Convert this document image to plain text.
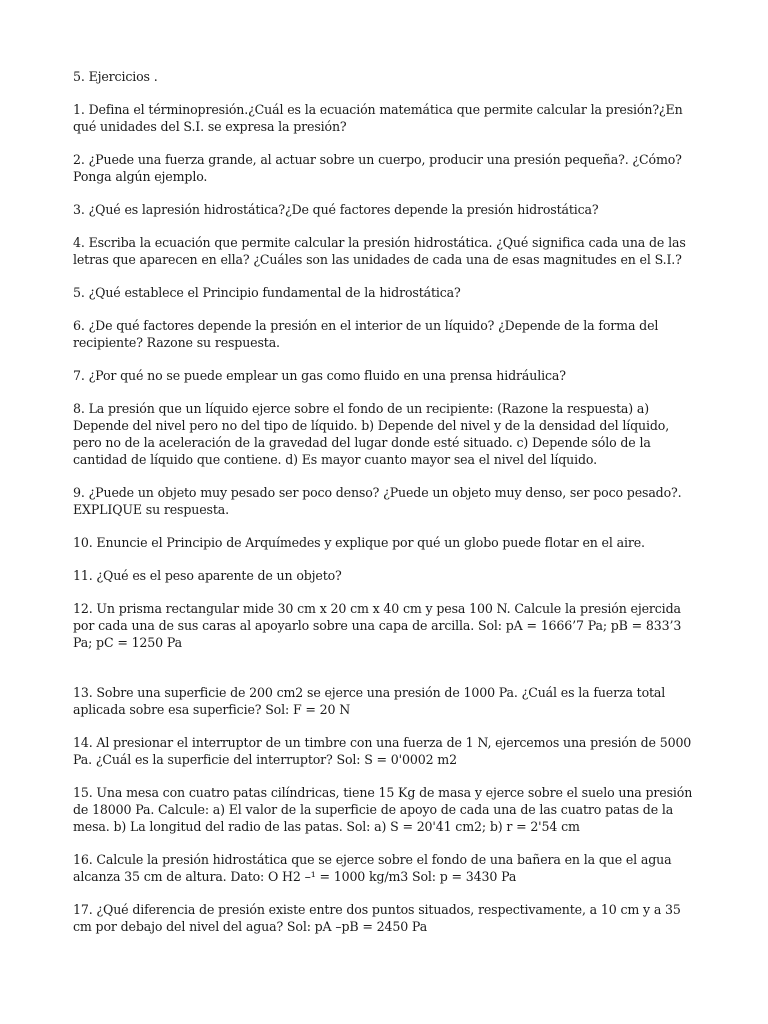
5. Ejercicios .

1. Defina el términopresión.¿Cuál es la ecuación matemática que permite calcular la presión?¿En qué unidades del S.I. se expresa la presión?

2. ¿Puede una fuerza grande, al actuar sobre un cuerpo, producir una presión pequeña?. ¿Cómo? Ponga algún ejemplo.

3. ¿Qué es lapresión hidrostática?¿De qué factores depende la presión hidrostática?

4. Escriba la ecuación que permite calcular la presión hidrostática. ¿Qué significa cada una de las letras que aparecen en ella? ¿Cuáles son las unidades de cada una de esas magnitudes en el S.I.?

5. ¿Qué establece el Principio fundamental de la hidrostática?

6. ¿De qué factores depende la presión en el interior de un líquido? ¿Depende de la forma del recipiente? Razone su respuesta.

7. ¿Por qué no se puede emplear un gas como fluido en una prensa hidráulica?

8. La presión que un líquido ejerce sobre el fondo de un recipiente: (Razone la respuesta) a) Depende del nivel pero no del tipo de líquido. b) Depende del nivel y de la densidad del líquido, pero no de la aceleración de la gravedad del lugar donde esté situado. c) Depende sólo de la cantidad de líquido que contiene. d) Es mayor cuanto mayor sea el nivel del líquido.

9. ¿Puede un objeto muy pesado ser poco denso? ¿Puede un objeto muy denso, ser poco pesado?. EXPLIQUE su respuesta.

10. Enuncie el Principio de Arquímedes y explique por qué un globo puede flotar en el aire.

11. ¿Qué es el peso aparente de un objeto?

12. Un prisma rectangular mide 30 cm x 20 cm x 40 cm y pesa 100 N. Calcule la presión ejercida por cada una de sus caras al apoyarlo sobre una capa de arcilla. Sol: pA = 1666’7 Pa; pB = 833’3 Pa; pC = 1250 Pa

13. Sobre una superficie de 200 cm2 se ejerce una presión de 1000 Pa. ¿Cuál es la fuerza total aplicada sobre esa superficie? Sol: F = 20 N

14. Al presionar el interruptor de un timbre con una fuerza de 1 N, ejercemos una presión de 5000 Pa. ¿Cuál es la superficie del interruptor? Sol: S = 0'0002 m2

15. Una mesa con cuatro patas cilíndricas, tiene 15 Kg de masa y ejerce sobre el suelo una presión de 18000 Pa. Calcule: a) El valor de la superficie de apoyo de cada una de las cuatro patas de la mesa. b) La longitud del radio de las patas. Sol: a) S = 20'41 cm2; b) r = 2'54 cm

16. Calcule la presión hidrostática que se ejerce sobre el fondo de una bañera en la que el agua alcanza 35 cm de altura. Dato: O H2 –¹ = 1000 kg/m3 Sol: p = 3430 Pa

17. ¿Qué diferencia de presión existe entre dos puntos situados, respectivamente, a 10 cm y a 35 cm por debajo del nivel del agua? Sol: pA –pB = 2450 Pa
